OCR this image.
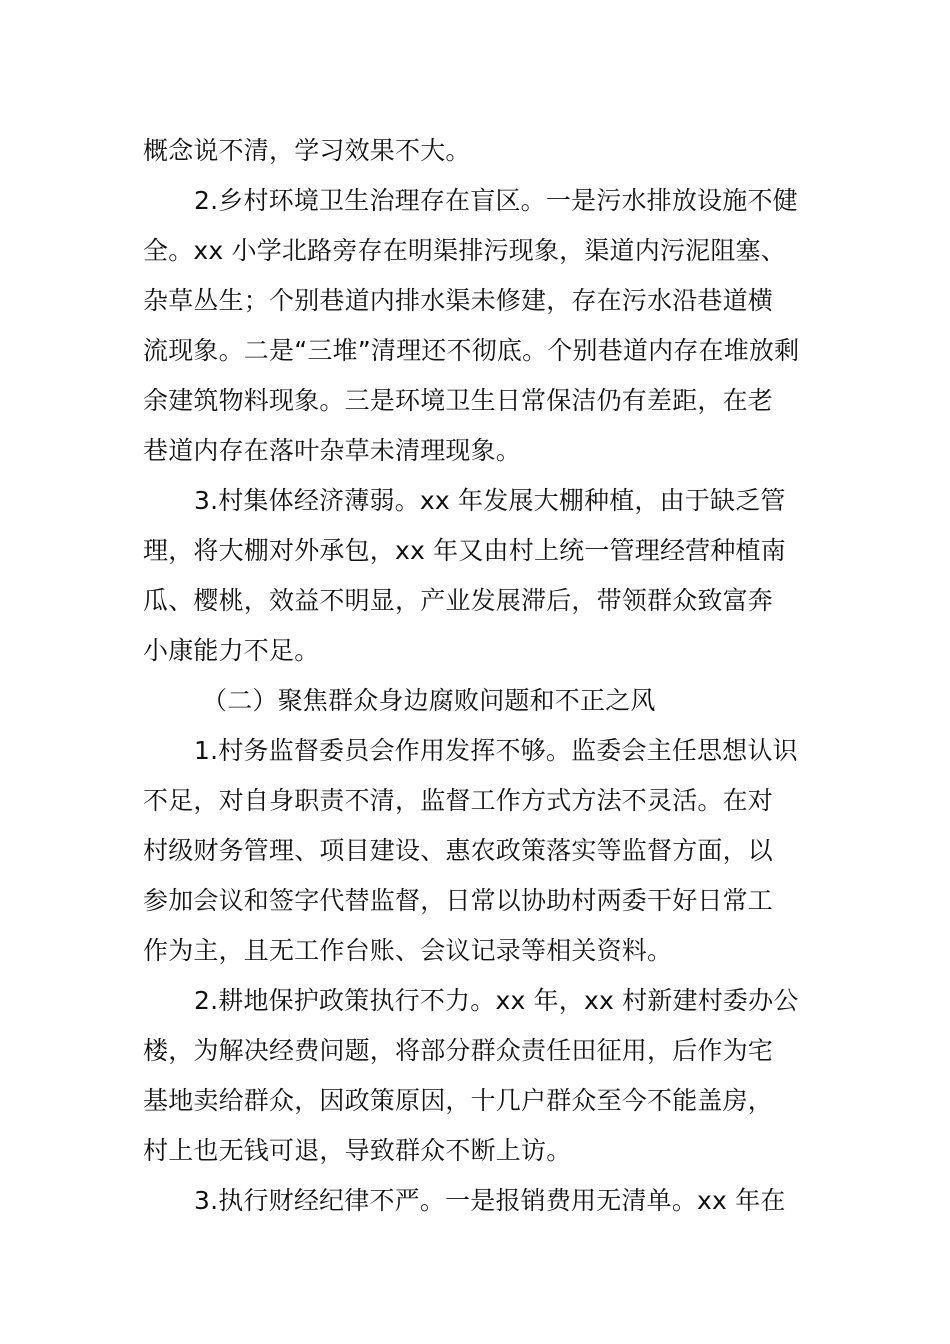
概念说不清，学习效果不大。
2.乡村环境卫生治理存在盲区。一是污水排放设施不健
全。xx 小学北路旁存在明渠排污现象，渠道内污泥阻塞、
杂草丛生；个别巷道内排水渠未修建，存在污水沿巷道横
流现象。二是“三堆”清理还不彻底。个别巷道内存在堆放剩
余建筑物料现象。三是环境卫生日常保洁仍有差距，在老
巷道内存在落叶杂草未清理现象。
3.村集体经济薄弱。xx 年发展大棚种植，由于缺乏管
理，将大棚对外承包，xx 年又由村上统一管理经营种植南
瓜、樱桃，效益不明显，产业发展滞后，带领群众致富奔
小康能力不足。
（二）聚焦群众身边腐败问题和不正之风
1.村务监督委员会作用发挥不够。监委会主任思想认识
不足，对自身职责不清，监督工作方式方法不灵活。在对
村级财务管理、项目建设、惠农政策落实等监督方面，以
参加会议和签字代替监督，日常以协助村两委干好日常工
作为主，且无工作台账、会议记录等相关资料。
2.耕地保护政策执行不力。xx 年，xx 村新建村委办公
楼，为解决经费问题，将部分群众责任田征用，后作为宅
基地卖给群众，因政策原因，十几户群众至今不能盖房，
村上也无钱可退，导致群众不断上访。
3.执行财经纪律不严。一是报销费用无清单。xx 年在
